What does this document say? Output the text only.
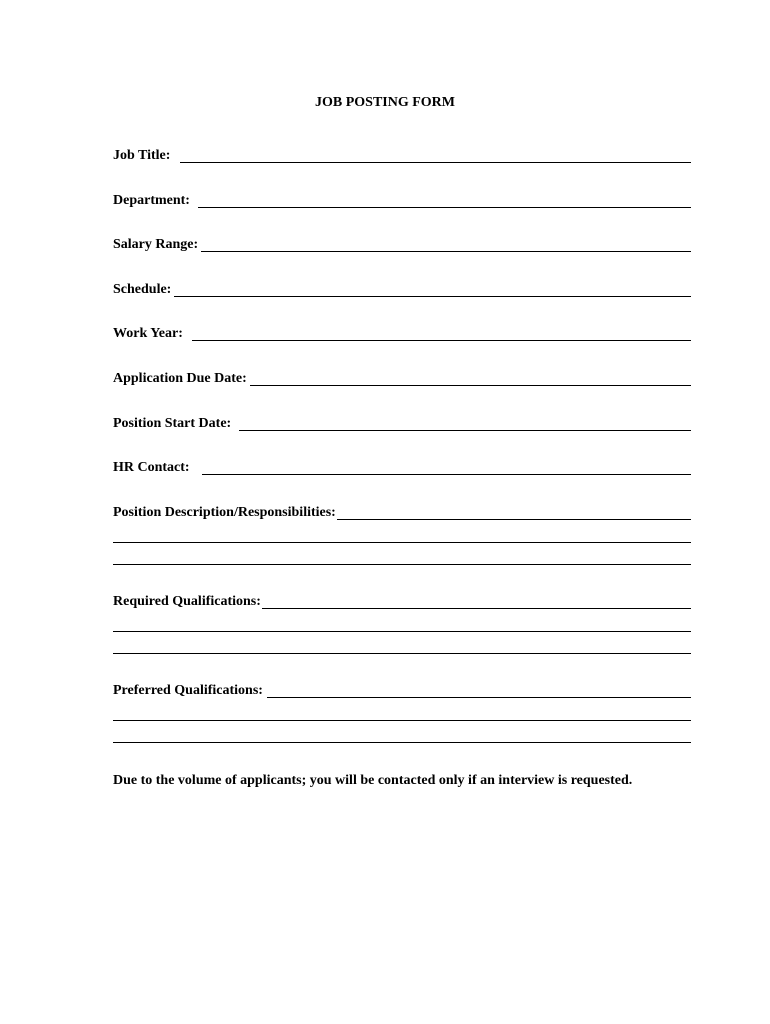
JOB POSTING FORM
Job Title:
Department:
Salary Range:
Schedule:
Work Year:
Application Due Date:
Position Start Date:
HR Contact:
Position Description/Responsibilities:
Required Qualifications:
Preferred Qualifications:
Due to the volume of applicants; you will be contacted only if an interview is requested.
